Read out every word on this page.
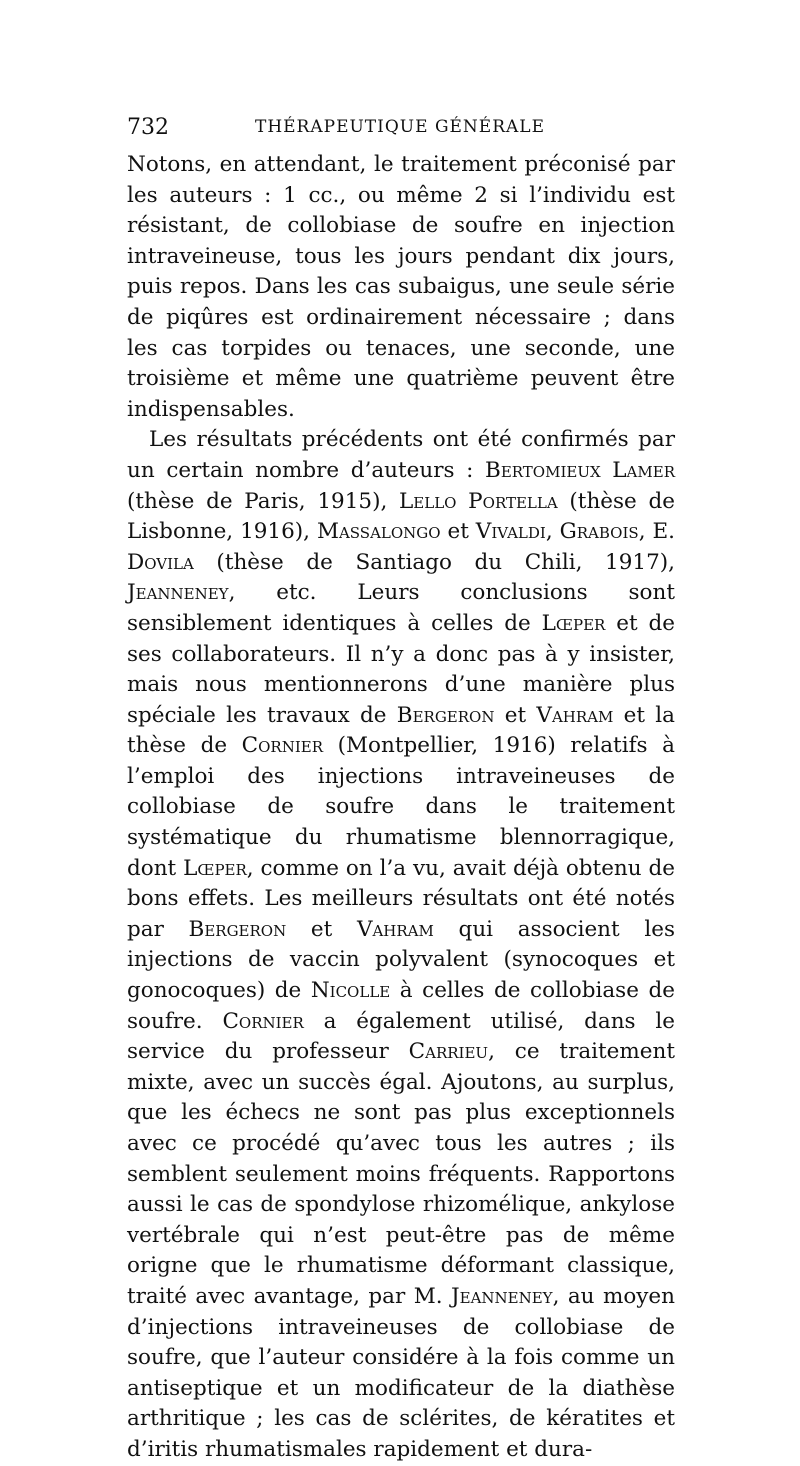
732	THÉRAPEUTIQUE GÉNÉRALE

Notons, en attendant, le traitement préconisé par les auteurs : 1 cc., ou même 2 si l’individu est résistant, de collobiase de soufre en injection intraveineuse, tous les jours pendant dix jours, puis repos. Dans les cas subaigus, une seule série de piqûres est ordinairement nécessaire ; dans les cas torpides ou tenaces, une seconde, une troisième et même une quatrième peuvent être indispensables.

Les résultats précédents ont été confirmés par un certain nombre d’auteurs : Bertomieux Lamer (thèse de Paris, 1915), Lello Portella (thèse de Lisbonne, 1916), Massalongo et Vivaldi, Grabois, E. Dovila (thèse de Santiago du Chili, 1917), Jeanneney, etc. Leurs conclusions sont sensiblement identiques à celles de Lœper et de ses collaborateurs. Il n’y a donc pas à y insister, mais nous mentionnerons d’une manière plus spéciale les travaux de Bergeron et Vahram et la thèse de Cornier (Montpellier, 1916) relatifs à l’emploi des injections intraveineuses de collobiase de soufre dans le traitement systématique du rhumatisme blennorragique, dont Lœper, comme on l’a vu, avait déjà obtenu de bons effets. Les meilleurs résultats ont été notés par Bergeron et Vahram qui associent les injections de vaccin polyvalent (synocoques et gonocoques) de Nicolle à celles de collobiase de soufre. Cornier a également utilisé, dans le service du professeur Carrieu, ce traitement mixte, avec un succès égal. Ajoutons, au surplus, que les échecs ne sont pas plus exceptionnels avec ce procédé qu’avec tous les autres ; ils semblent seulement moins fréquents. Rapportons aussi le cas de spondylose rhizomélique, ankylose vertébrale qui n’est peut-être pas de même origne que le rhumatisme déformant classique, traité avec avantage, par M. Jeanneney, au moyen d’injections intraveineuses de collobiase de soufre, que l’auteur considére à la fois comme un antiseptique et un modificateur de la diathèse arthritique ; les cas de sclérites, de kératites et d’iritis rhumatismales rapidement et dura-
